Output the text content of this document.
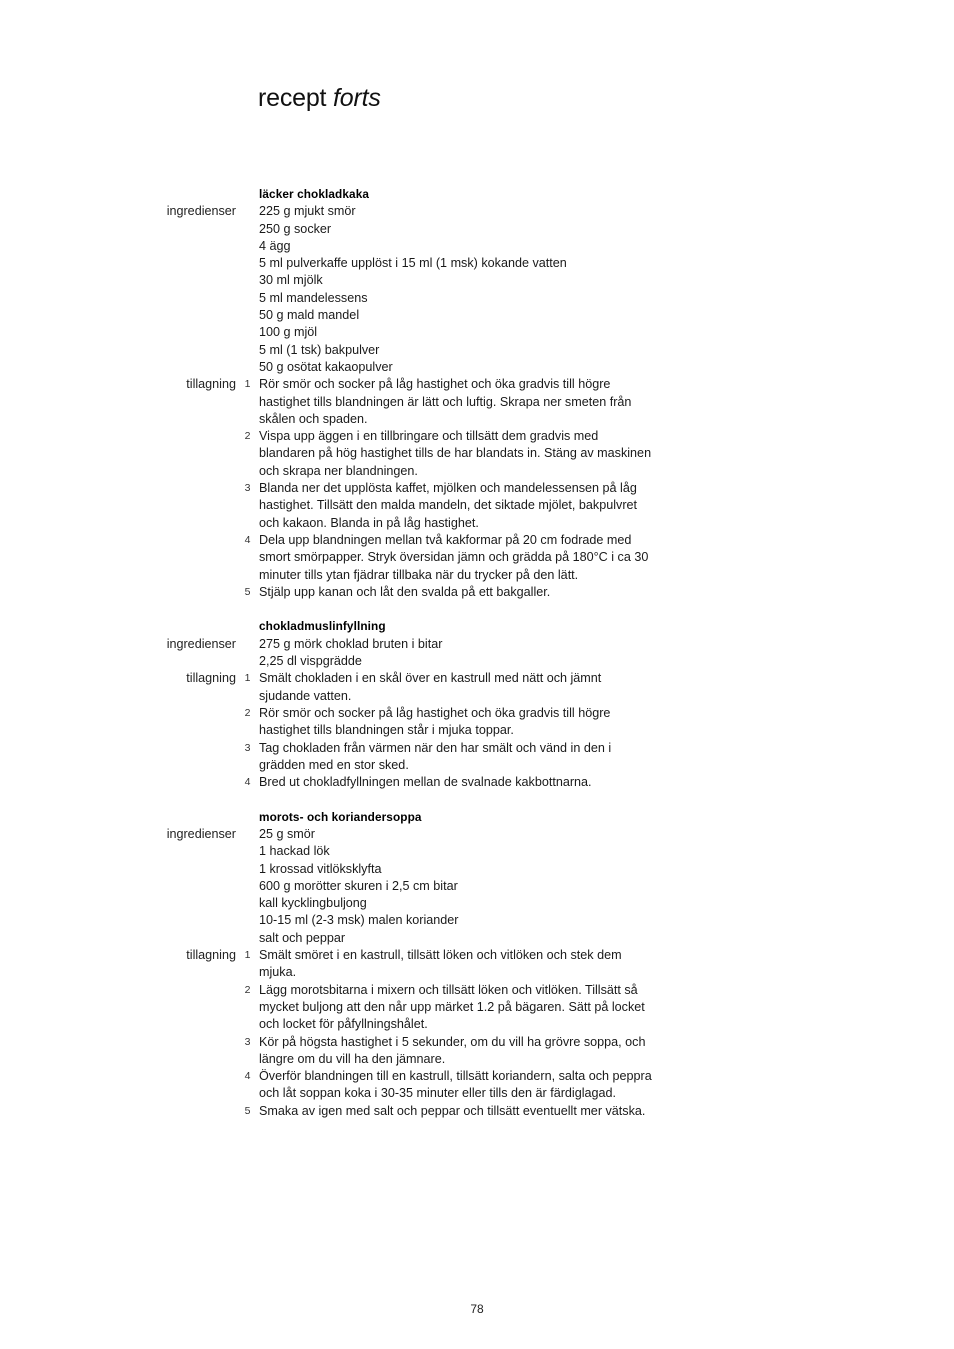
recept forts
läcker chokladkaka
ingredienser 225 g mjukt smör
250 g socker
4 ägg
5 ml pulverkaffe upplöst i 15 ml (1 msk) kokande vatten
30 ml mjölk
5 ml mandelessens
50 g mald mandel
100 g mjöl
5 ml (1 tsk) bakpulver
50 g osötat kakaopulver
tillagning 1 Rör smör och socker på låg hastighet och öka gradvis till högre
hastighet tills blandningen är lätt och luftig. Skrapa ner smeten från
skålen och spaden.
2 Vispa upp äggen i en tillbringare och tillsätt dem gradvis med
blandaren på hög hastighet tills de har blandats in. Stäng av maskinen
och skrapa ner blandningen.
3 Blanda ner det upplösta kaffet, mjölken och mandelessensen på låg
hastighet. Tillsätt den malda mandeln, det siktade mjölet, bakpulvret
och kakaon. Blanda in på låg hastighet.
4 Dela upp blandningen mellan två kakformar på 20 cm fodrade med
smort smörpapper. Stryk översidan jämn och grädda på 180°C i ca 30
minuter tills ytan fjädrar tillbaka när du trycker på den lätt.
5 Stjälp upp kanan och låt den svalda på ett bakgaller.
chokladmuslinfyllning
ingredienser 275 g mörk choklad bruten i bitar
2,25 dl vispgrädde
tillagning 1 Smält chokladen i en skål över en kastrull med nätt och jämnt
sjudande vatten.
2 Rör smör och socker på låg hastighet och öka gradvis till högre
hastighet tills blandningen står i mjuka toppar.
3 Tag chokladen från värmen när den har smält och vänd in den i
grädden med en stor sked.
4 Bred ut chokladfyllningen mellan de svalnade kakbottnarna.
morots- och koriandersoppa
ingredienser 25 g smör
1 hackad lök
1 krossad vitlöksklyfta
600 g morötter skuren i 2,5 cm bitar
kall kycklingbuljong
10-15 ml (2-3 msk) malen koriander
salt och peppar
tillagning 1 Smält smöret i en kastrull, tillsätt löken och vitlöken och stek dem
mjuka.
2 Lägg morotsbitarna i mixern och tillsätt löken och vitlöken. Tillsätt så
mycket buljong att den når upp märket 1.2 på bägaren. Sätt på locket
och locket för påfyllningshålet.
3 Kör på högsta hastighet i 5 sekunder, om du vill ha grövre soppa, och
längre om du vill ha den jämnare.
4 Överför blandningen till en kastrull, tillsätt koriandern, salta och peppra
och låt soppan koka i 30-35 minuter eller tills den är färdiglagad.
5 Smaka av igen med salt och peppar och tillsätt eventuellt mer vätska.
78
